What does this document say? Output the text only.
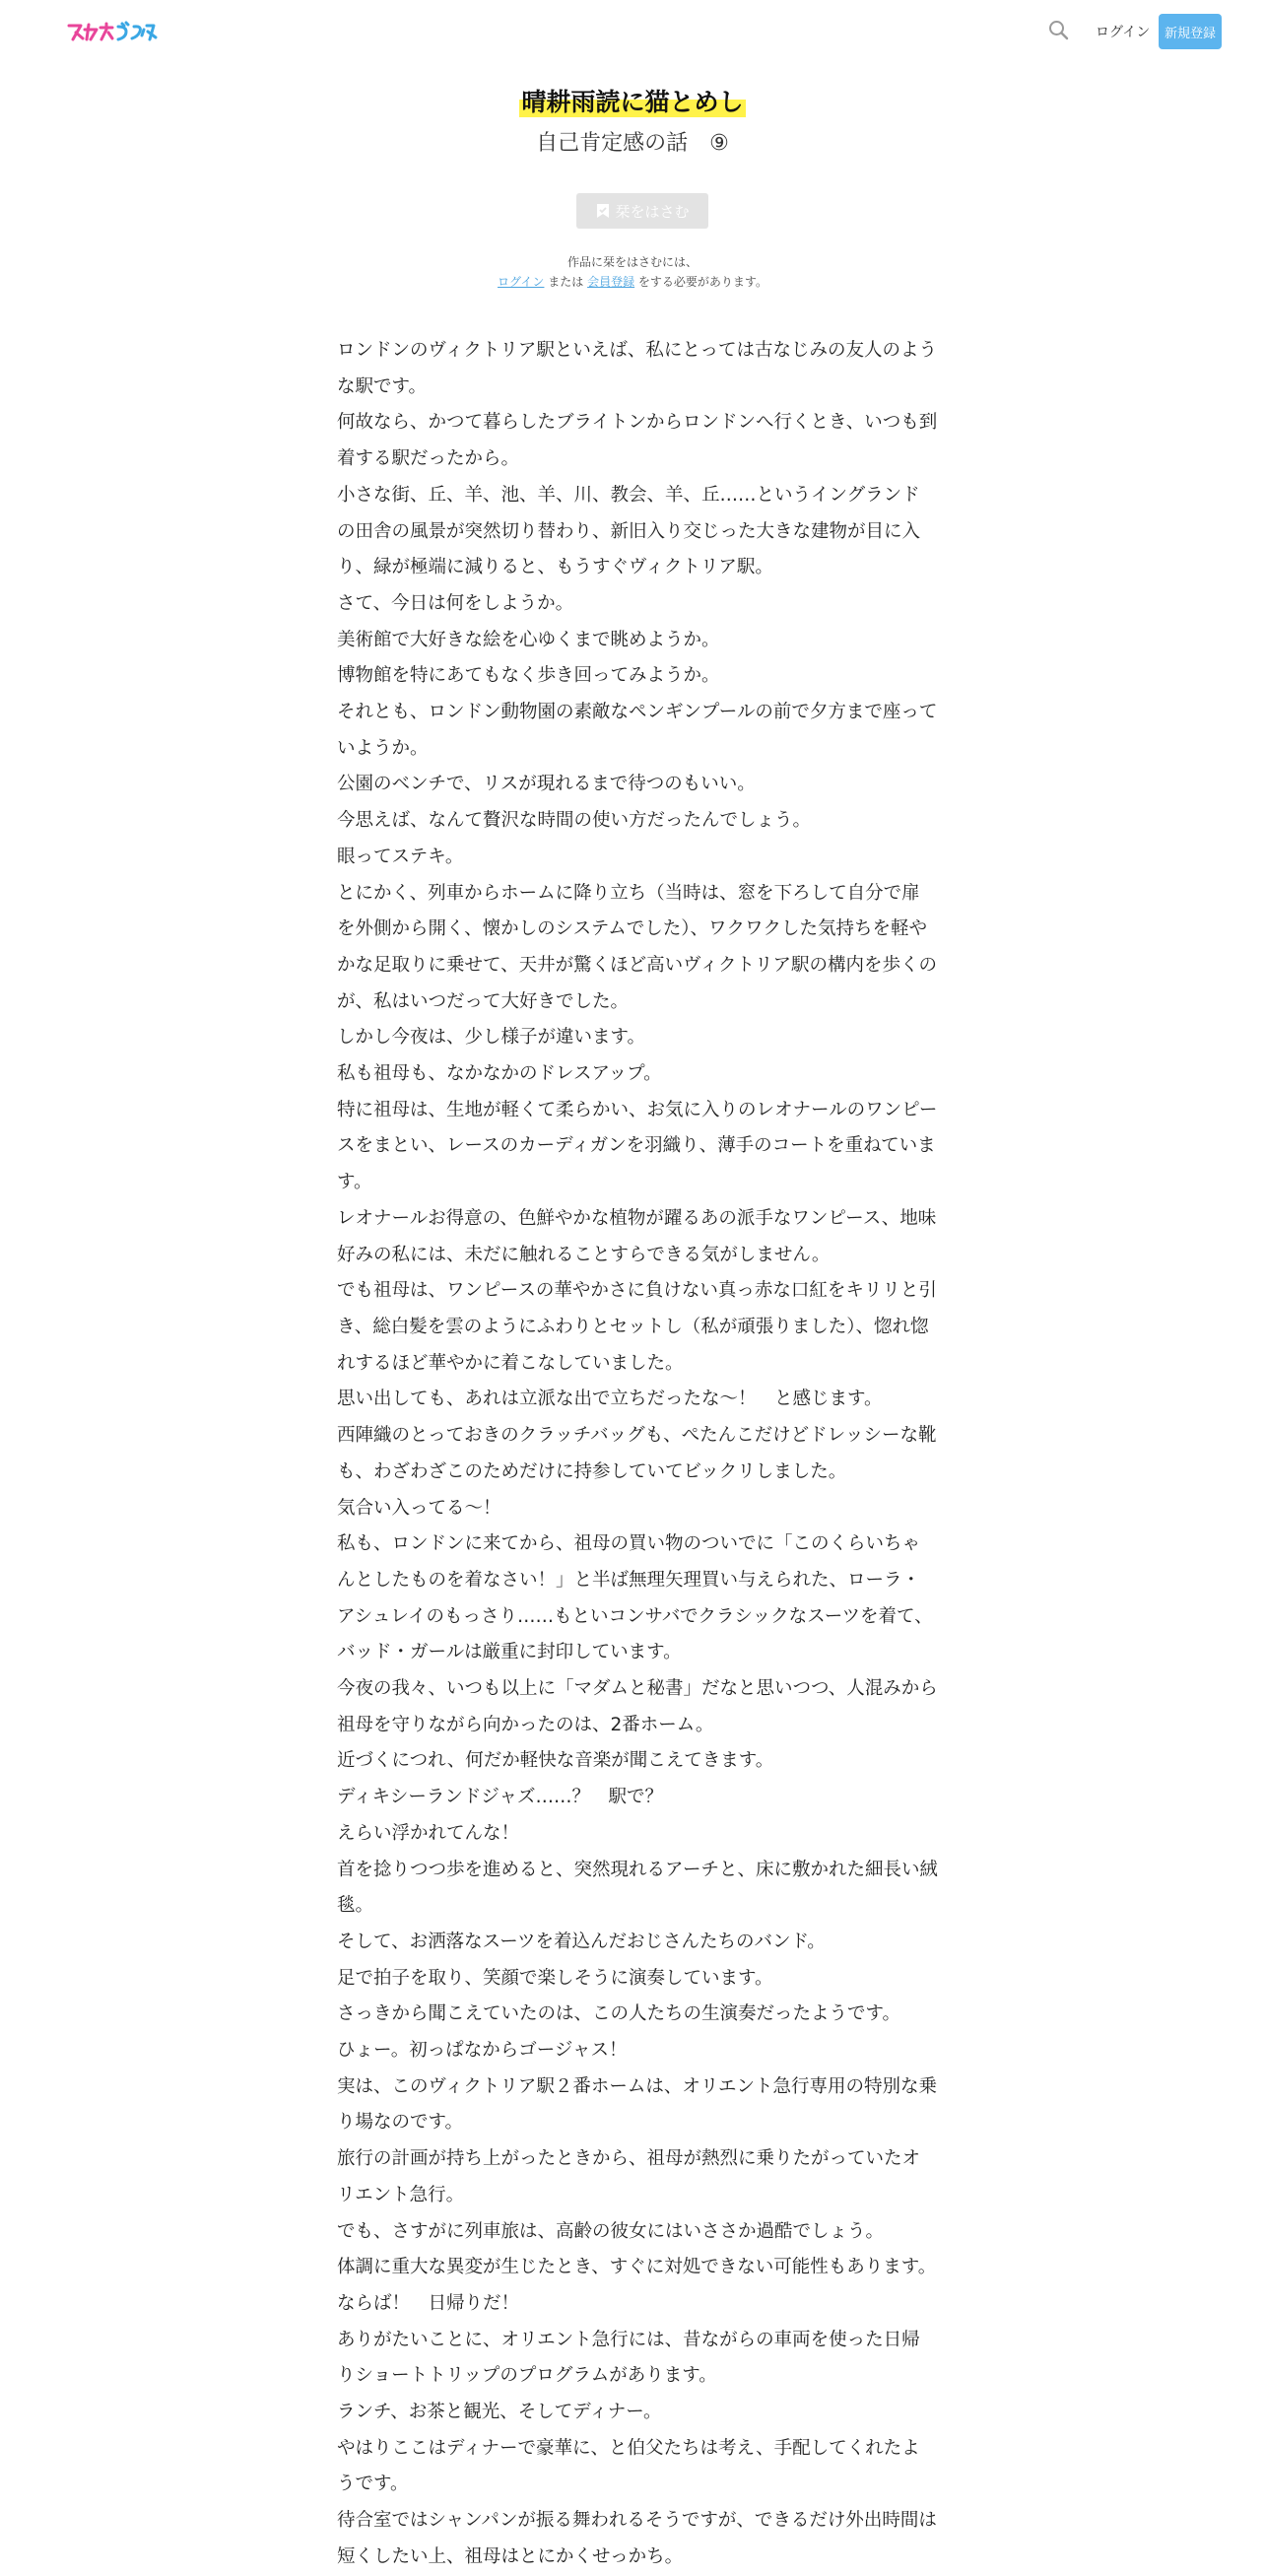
ログイン	新規登録
晴耕雨読に猫とめし
自己肯定感の話　⑨
栞をはさむ
作品に栞をはさむには、
ログイン または 会員登録 をする必要があります。

ロンドンのヴィクトリア駅といえば、私にとっては古なじみの友人のような駅です。

何故なら、かつて暮らしたブライトンからロンドンへ行くとき、いつも到着する駅だったから。

小さな街、丘、羊、池、羊、川、教会、羊、丘……というイングランドの田舎の風景が突然切り替わり、新旧入り交じった大きな建物が目に入り、緑が極端に減りると、もうすぐヴィクトリア駅。

さて、今日は何をしようか。

美術館で大好きな絵を心ゆくまで眺めようか。

博物館を特にあてもなく歩き回ってみようか。

それとも、ロンドン動物園の素敵なペンギンプールの前で夕方まで座っていようか。

公園のベンチで、リスが現れるまで待つのもいい。

今思えば、なんて贅沢な時間の使い方だったんでしょう。

眼ってステキ。

とにかく、列車からホームに降り立ち（当時は、窓を下ろして自分で扉を外側から開く、懐かしのシステムでした）、ワクワクした気持ちを軽やかな足取りに乗せて、天井が驚くほど高いヴィクトリア駅の構内を歩くのが、私はいつだって大好きでした。

しかし今夜は、少し様子が違います。

私も祖母も、なかなかのドレスアップ。

特に祖母は、生地が軽くて柔らかい、お気に入りのレオナールのワンピースをまとい、レースのカーディガンを羽織り、薄手のコートを重ねています。

レオナールお得意の、色鮮やかな植物が躍るあの派手なワンピース、地味好みの私には、未だに触れることすらできる気がしません。

でも祖母は、ワンピースの華やかさに負けない真っ赤な口紅をキリリと引き、総白髪を雲のようにふわりとセットし（私が頑張りました）、惚れ惚れするほど華やかに着こなしていました。

思い出しても、あれは立派な出で立ちだったな～！　と感じます。

西陣織のとっておきのクラッチバッグも、ぺたんこだけどドレッシーな靴も、わざわざこのためだけに持参していてビックリしました。

気合い入ってる～！

私も、ロンドンに来てから、祖母の買い物のついでに「このくらいちゃんとしたものを着なさい！」と半ば無理矢理買い与えられた、ローラ・アシュレイのもっさり……もといコンサバでクラシックなスーツを着て、バッド・ガールは厳重に封印しています。

今夜の我々、いつも以上に「マダムと秘書」だなと思いつつ、人混みから祖母を守りながら向かったのは、2番ホーム。

近づくにつれ、何だか軽快な音楽が聞こえてきます。

ディキシーランドジャズ……？　駅で？

えらい浮かれてんな！

首を捻りつつ歩を進めると、突然現れるアーチと、床に敷かれた細長い絨毯。

そして、お洒落なスーツを着込んだおじさんたちのバンド。

足で拍子を取り、笑顔で楽しそうに演奏しています。

さっきから聞こえていたのは、この人たちの生演奏だったようです。

ひょー。初っぱなからゴージャス！

実は、このヴィクトリア駅２番ホームは、オリエント急行専用の特別な乗り場なのです。

旅行の計画が持ち上がったときから、祖母が熱烈に乗りたがっていたオリエント急行。

でも、さすがに列車旅は、高齢の彼女にはいささか過酷でしょう。

体調に重大な異変が生じたとき、すぐに対処できない可能性もあります。

ならば！　日帰りだ！

ありがたいことに、オリエント急行には、昔ながらの車両を使った日帰りショートトリップのプログラムがあります。

ランチ、お茶と観光、そしてディナー。

やはりここはディナーで豪華に、と伯父たちは考え、手配してくれたようです。

待合室ではシャンパンが振る舞われるそうですが、できるだけ外出時間は短くしたい上、祖母はとにかくせっかち。
